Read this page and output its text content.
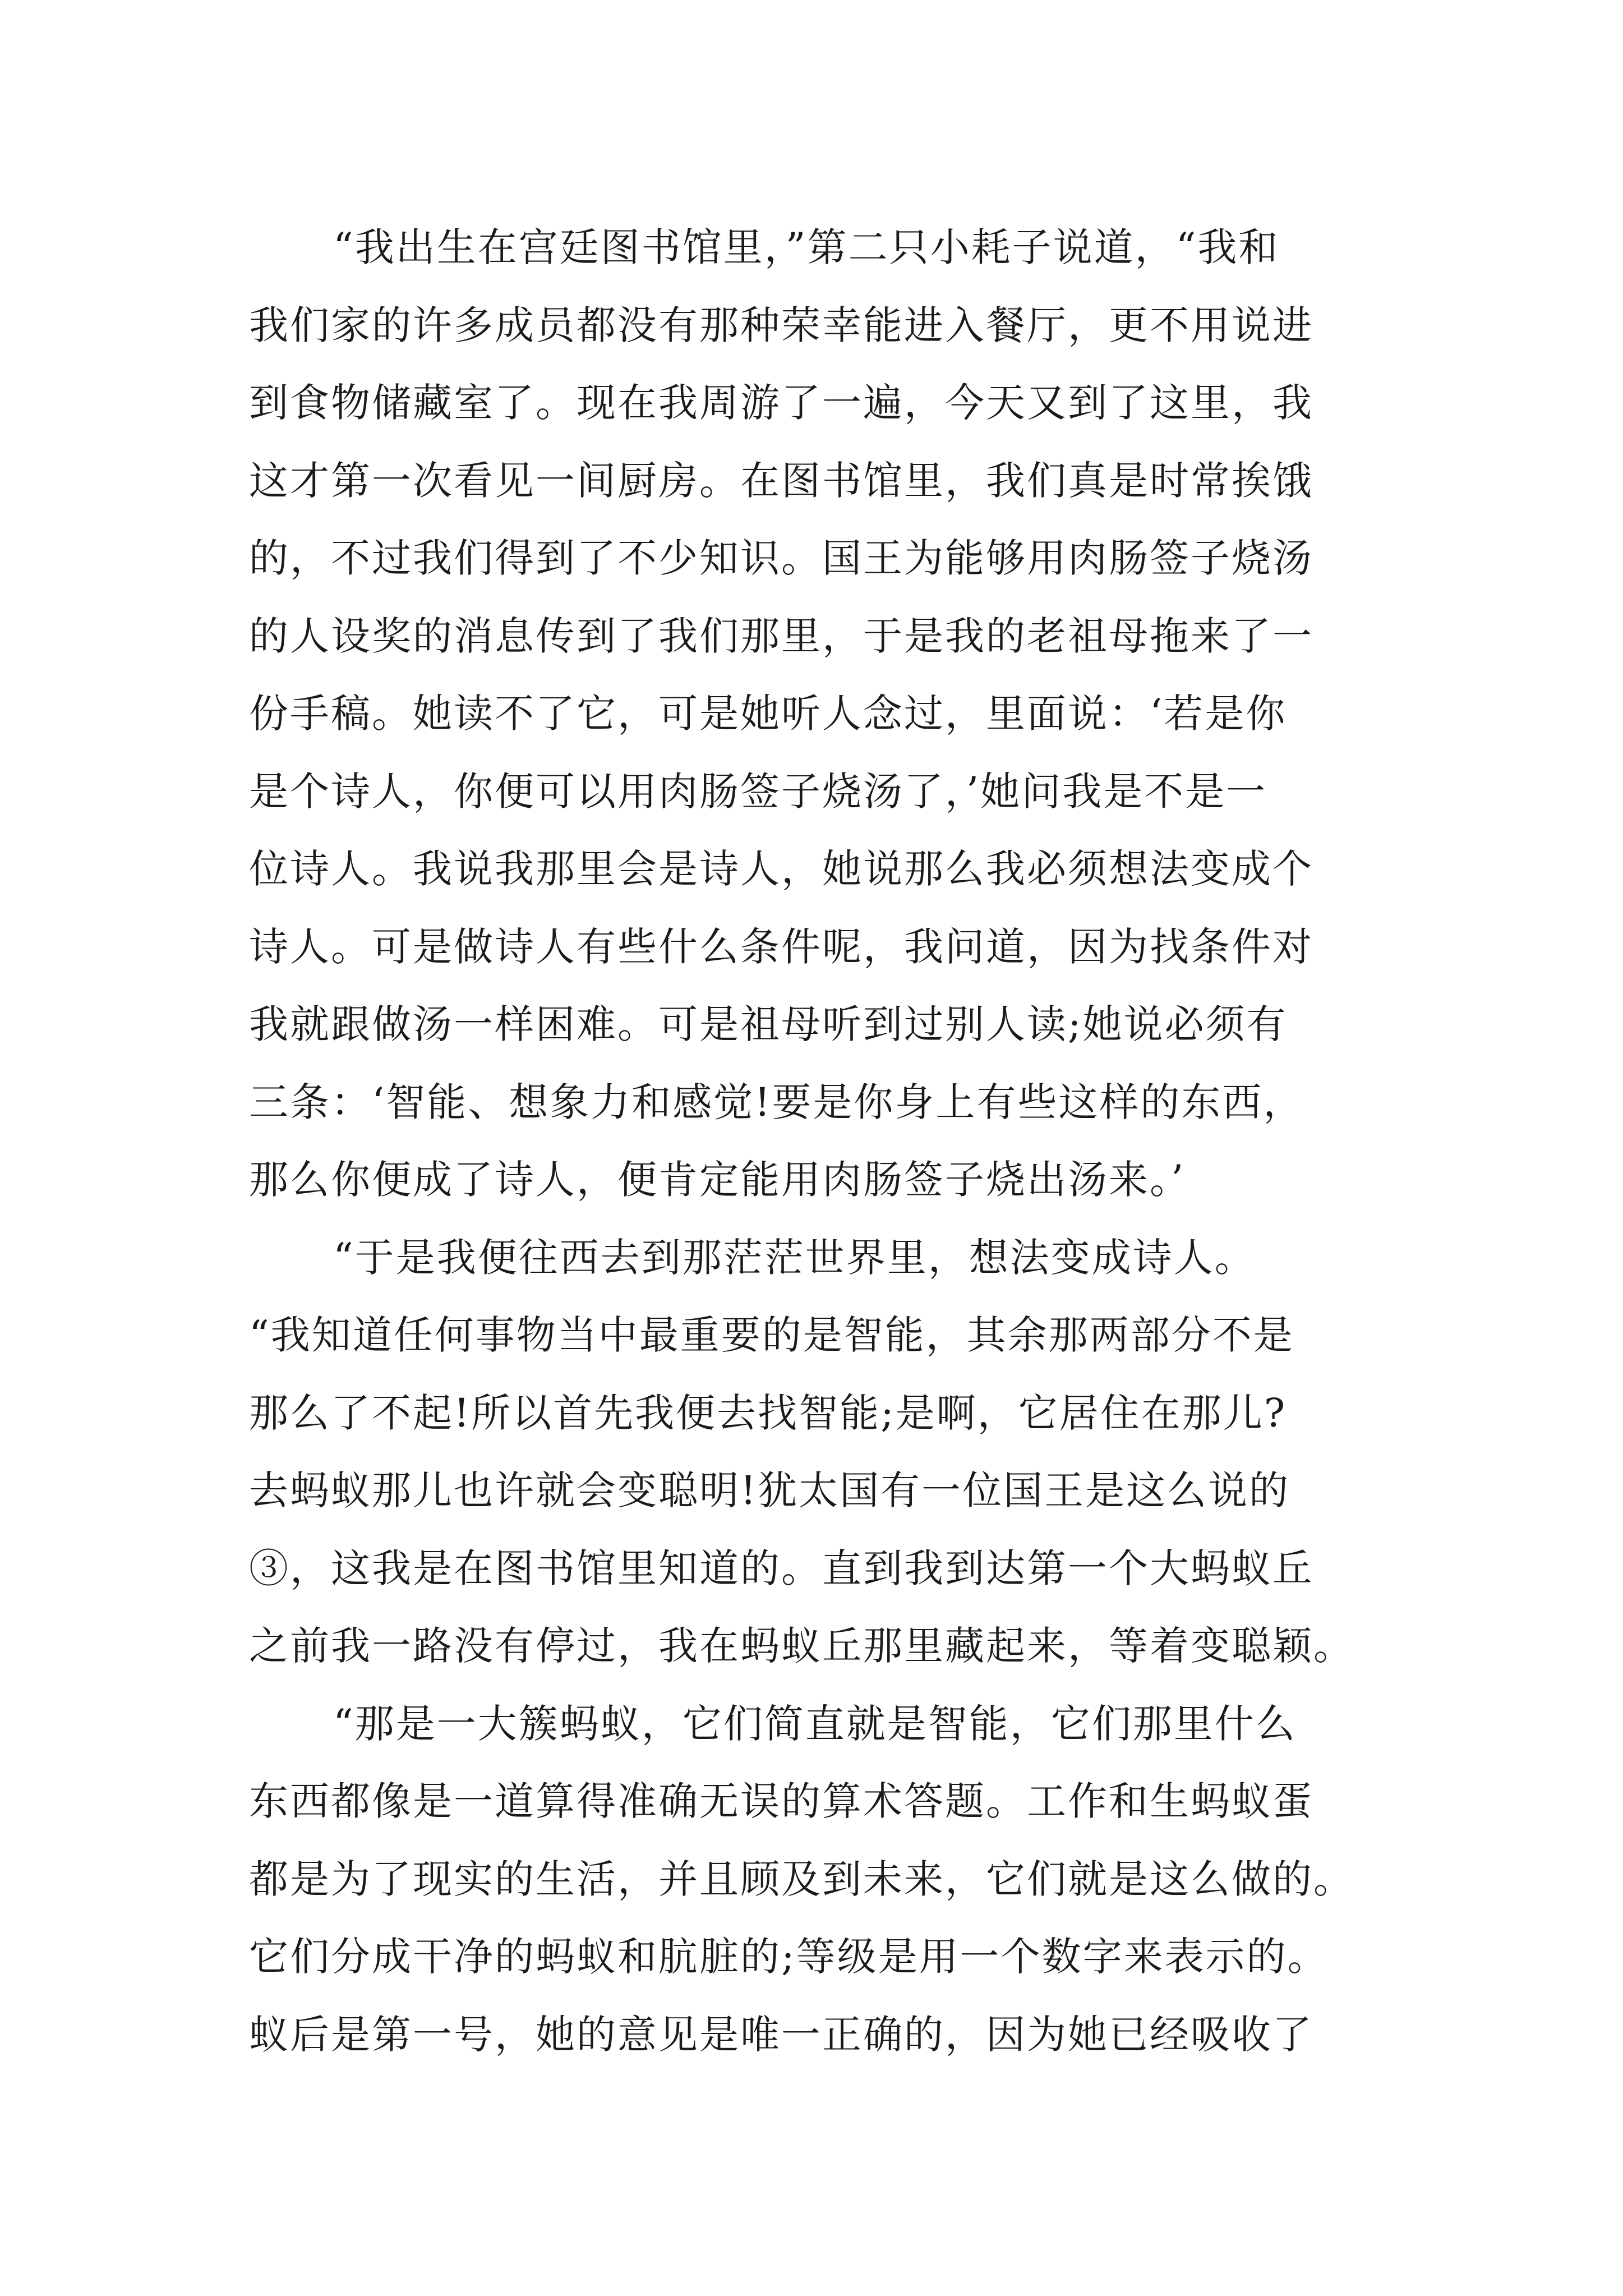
“我出生在宫廷图书馆里，”第二只小耗子说道，“我和
我们家的许多成员都没有那种荣幸能进入餐厅，更不用说进
到食物储藏室了。现在我周游了一遍，今天又到了这里，我
这才第一次看见一间厨房。在图书馆里，我们真是时常挨饿
的，不过我们得到了不少知识。国王为能够用肉肠签子烧汤
的人设奖的消息传到了我们那里，于是我的老祖母拖来了一
份手稿。她读不了它，可是她听人念过，里面说：‘若是你
是个诗人，你便可以用肉肠签子烧汤了，’她问我是不是一
位诗人。我说我那里会是诗人，她说那么我必须想法变成个
诗人。可是做诗人有些什么条件呢，我问道，因为找条件对
我就跟做汤一样困难。可是祖母听到过别人读;她说必须有
三条：‘智能、想象力和感觉!要是你身上有些这样的东西，
那么你便成了诗人，便肯定能用肉肠签子烧出汤来。’
“于是我便往西去到那茫茫世界里，想法变成诗人。
“我知道任何事物当中最重要的是智能，其余那两部分不是
那么了不起!所以首先我便去找智能;是啊，它居住在那儿?
去蚂蚁那儿也许就会变聪明!犹太国有一位国王是这么说的
③，这我是在图书馆里知道的。直到我到达第一个大蚂蚁丘
之前我一路没有停过，我在蚂蚁丘那里藏起来，等着变聪颖。
“那是一大簇蚂蚁，它们简直就是智能，它们那里什么
东西都像是一道算得准确无误的算术答题。工作和生蚂蚁蛋
都是为了现实的生活，并且顾及到未来，它们就是这么做的。
它们分成干净的蚂蚁和肮脏的;等级是用一个数字来表示的。
蚁后是第一号，她的意见是唯一正确的，因为她已经吸收了
